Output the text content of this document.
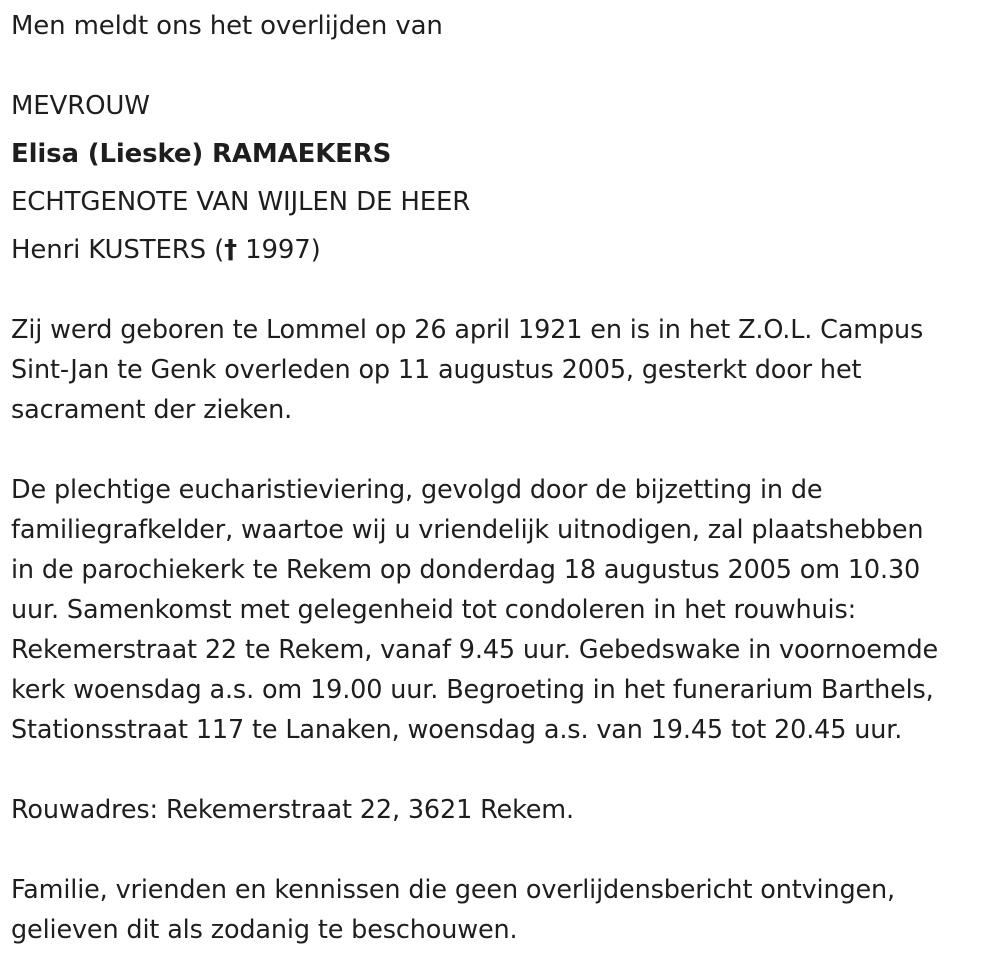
Men meldt ons het overlijden van

MEVROUW

Elisa (Lieske) RAMAEKERS

ECHTGENOTE VAN WIJLEN DE HEER

Henri KUSTERS († 1997)

Zij werd geboren te Lommel op 26 april 1921 en is in het Z.O.L. Campus

Sint-Jan te Genk overleden op 11 augustus 2005, gesterkt door het

sacrament der zieken.

De plechtige eucharistieviering, gevolgd door de bijzetting in de

familiegrafkelder, waartoe wij u vriendelijk uitnodigen, zal plaatshebben

in de parochiekerk te Rekem op donderdag 18 augustus 2005 om 10.30

uur. Samenkomst met gelegenheid tot condoleren in het rouwhuis:

Rekemerstraat 22 te Rekem, vanaf 9.45 uur. Gebedswake in voornoemde

kerk woensdag a.s. om 19.00 uur. Begroeting in het funerarium Barthels,

Stationsstraat 117 te Lanaken, woensdag a.s. van 19.45 tot 20.45 uur.

Rouwadres: Rekemerstraat 22, 3621 Rekem.

Familie, vrienden en kennissen die geen overlijdensbericht ontvingen,

gelieven dit als zodanig te beschouwen.
